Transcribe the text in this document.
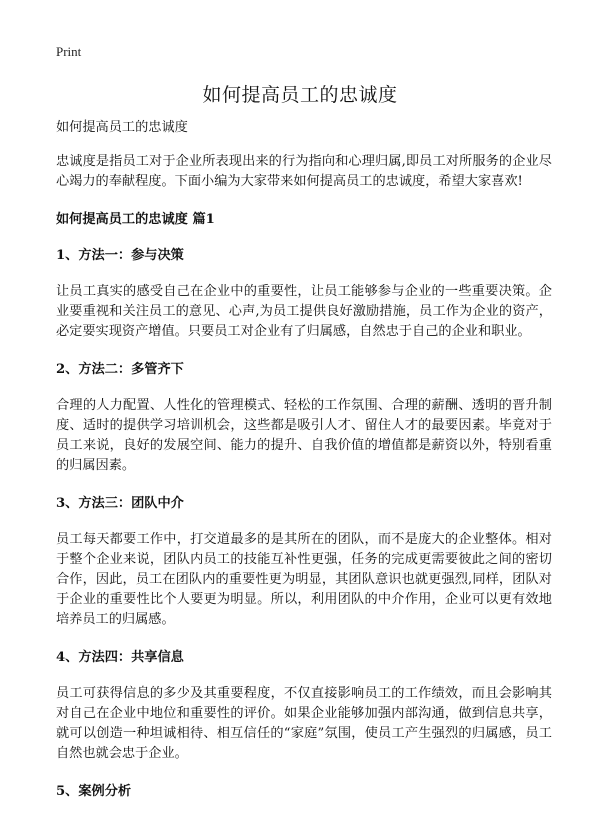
Print
如何提高员工的忠诚度
如何提高员工的忠诚度
忠诚度是指员工对于企业所表现出来的行为指向和心理归属,即员工对所服务的企业尽心竭力的奉献程度。下面小编为大家带来如何提高员工的忠诚度，希望大家喜欢!
如何提高员工的忠诚度 篇1
1、方法一：参与决策
让员工真实的感受自己在企业中的重要性，让员工能够参与企业的一些重要决策。企业要重视和关注员工的意见、心声,为员工提供良好激励措施，员工作为企业的资产，必定要实现资产增值。只要员工对企业有了归属感，自然忠于自己的企业和职业。
2、方法二：多管齐下
合理的人力配置、人性化的管理模式、轻松的工作氛围、合理的薪酬、透明的晋升制度、适时的提供学习培训机会，这些都是吸引人才、留住人才的最要因素。毕竟对于员工来说，良好的发展空间、能力的提升、自我价值的增值都是薪资以外，特别看重的归属因素。
3、方法三：团队中介
员工每天都要工作中，打交道最多的是其所在的团队，而不是庞大的企业整体。相对于整个企业来说，团队内员工的技能互补性更强，任务的完成更需要彼此之间的密切合作，因此，员工在团队内的重要性更为明显，其团队意识也就更强烈,同样，团队对于企业的重要性比个人要更为明显。所以，利用团队的中介作用，企业可以更有效地培养员工的归属感。
4、方法四：共享信息
员工可获得信息的多少及其重要程度，不仅直接影响员工的工作绩效，而且会影响其对自己在企业中地位和重要性的评价。如果企业能够加强内部沟通，做到信息共享，就可以创造一种坦诚相待、相互信任的“家庭”氛围，使员工产生强烈的归属感，员工自然也就会忠于企业。
5、案例分析
